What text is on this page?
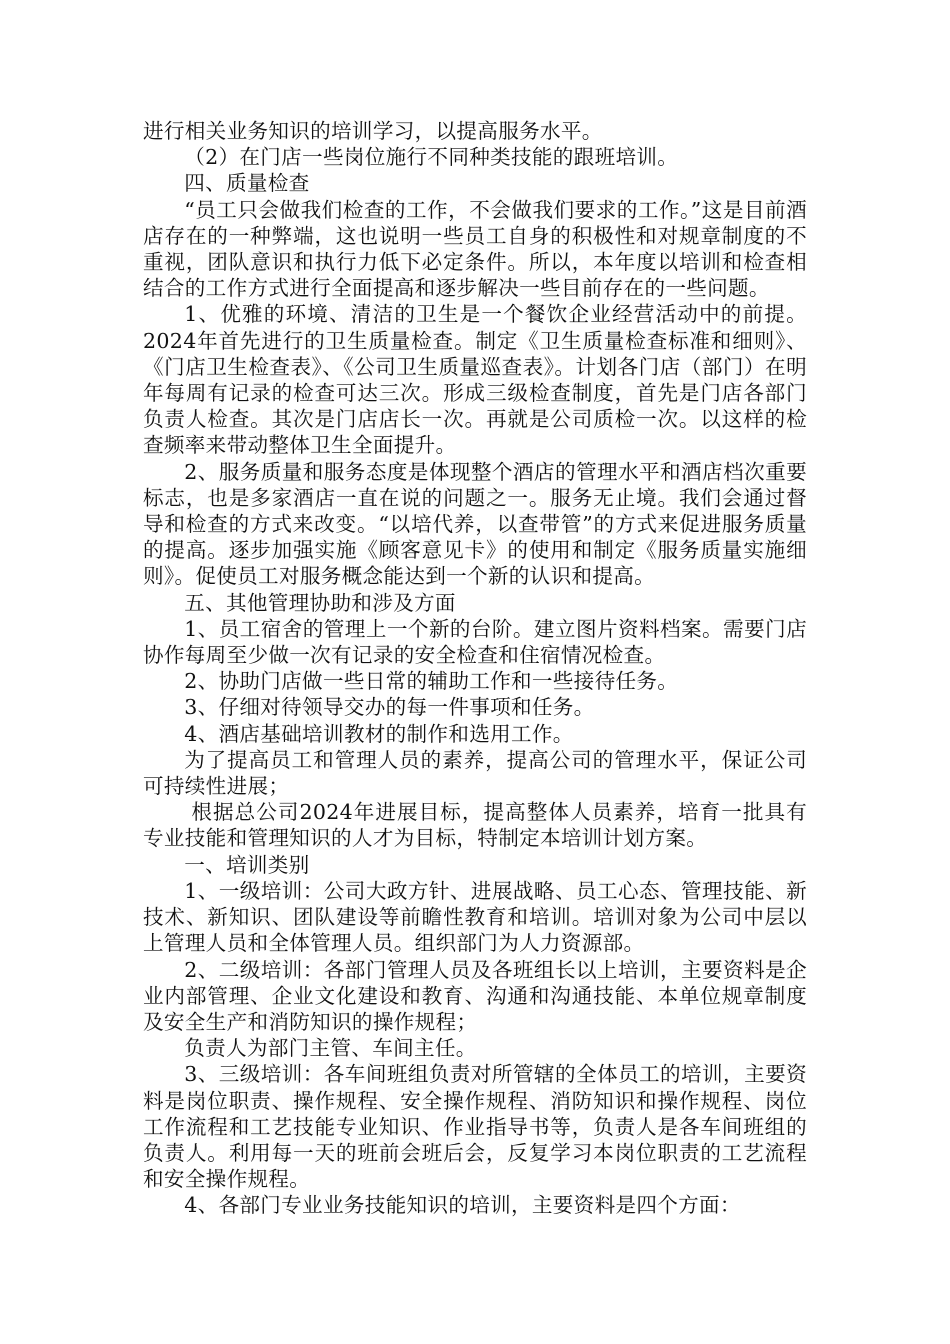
进行相关业务知识的培训学习，以提高服务水平。

（2）在门店一些岗位施行不同种类技能的跟班培训。

四、质量检查

“员工只会做我们检查的工作，不会做我们要求的工作。”这是目前酒店存在的一种弊端，这也说明一些员工自身的积极性和对规章制度的不重视，团队意识和执行力低下必定条件。所以，本年度以培训和检查相结合的工作方式进行全面提高和逐步解决一些目前存在的一些问题。

1、优雅的环境、清洁的卫生是一个餐饮企业经营活动中的前提。2024年首先进行的卫生质量检查。制定《卫生质量检查标准和细则》、《门店卫生检查表》、《公司卫生质量巡查表》。计划各门店（部门）在明年每周有记录的检查可达三次。形成三级检查制度，首先是门店各部门负责人检查。其次是门店店长一次。再就是公司质检一次。以这样的检查频率来带动整体卫生全面提升。

2、服务质量和服务态度是体现整个酒店的管理水平和酒店档次重要标志，也是多家酒店一直在说的问题之一。服务无止境。我们会通过督导和检查的方式来改变。“以培代养，以查带管”的方式来促进服务质量的提高。逐步加强实施《顾客意见卡》的使用和制定《服务质量实施细则》。促使员工对服务概念能达到一个新的认识和提高。

五、其他管理协助和涉及方面

1、员工宿舍的管理上一个新的台阶。建立图片资料档案。需要门店协作每周至少做一次有记录的安全检查和住宿情况检查。

2、协助门店做一些日常的辅助工作和一些接待任务。

3、仔细对待领导交办的每一件事项和任务。

4、酒店基础培训教材的制作和选用工作。

为了提高员工和管理人员的素养，提高公司的管理水平，保证公司可持续性进展；

根据总公司2024年进展目标，提高整体人员素养，培育一批具有专业技能和管理知识的人才为目标，特制定本培训计划方案。

一、培训类别

1、一级培训：公司大政方针、进展战略、员工心态、管理技能、新技术、新知识、团队建设等前瞻性教育和培训。培训对象为公司中层以上管理人员和全体管理人员。组织部门为人力资源部。

2、二级培训：各部门管理人员及各班组长以上培训，主要资料是企业内部管理、企业文化建设和教育、沟通和沟通技能、本单位规章制度及安全生产和消防知识的操作规程；

负责人为部门主管、车间主任。

3、三级培训：各车间班组负责对所管辖的全体员工的培训，主要资料是岗位职责、操作规程、安全操作规程、消防知识和操作规程、岗位工作流程和工艺技能专业知识、作业指导书等，负责人是各车间班组的负责人。利用每一天的班前会班后会，反复学习本岗位职责的工艺流程和安全操作规程。

4、各部门专业业务技能知识的培训，主要资料是四个方面：
